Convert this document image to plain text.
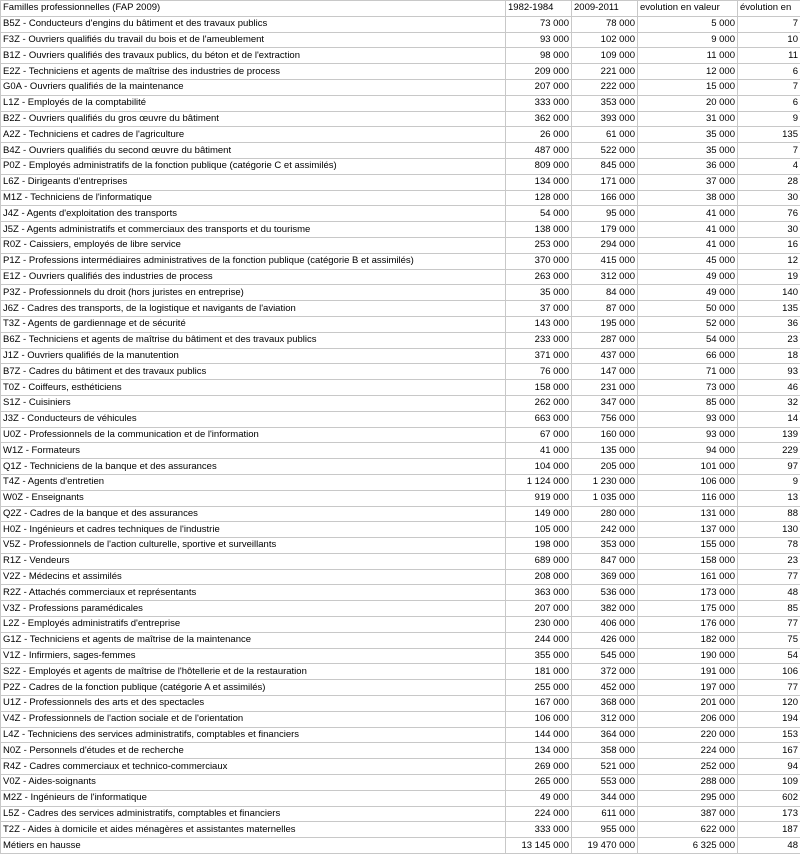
Familles professionnelles (FAP 2009)	1982-1984	2009-2011	evolution en valeur	évolution en
B5Z - Conducteurs d'engins du bâtiment et des travaux publics	73 000	78 000	5 000	7
F3Z - Ouvriers qualifiés du travail du bois et de l'ameublement	93 000	102 000	9 000	10
B1Z - Ouvriers qualifiés des travaux publics, du béton et de l'extraction	98 000	109 000	11 000	11
E2Z - Techniciens et agents de maîtrise des industries de process	209 000	221 000	12 000	6
G0A - Ouvriers qualifiés de la maintenance	207 000	222 000	15 000	7
L1Z - Employés de la comptabilité	333 000	353 000	20 000	6
B2Z - Ouvriers qualifiés du gros œuvre du bâtiment	362 000	393 000	31 000	9
A2Z - Techniciens et cadres de l'agriculture	26 000	61 000	35 000	135
B4Z - Ouvriers qualifiés du second œuvre du bâtiment	487 000	522 000	35 000	7
P0Z - Employés administratifs de la fonction publique (catégorie C et assimilés)	809 000	845 000	36 000	4
L6Z - Dirigeants d'entreprises	134 000	171 000	37 000	28
M1Z - Techniciens de l'informatique	128 000	166 000	38 000	30
J4Z - Agents d'exploitation des transports	54 000	95 000	41 000	76
J5Z - Agents administratifs et commerciaux des transports et du tourisme	138 000	179 000	41 000	30
R0Z - Caissiers, employés de libre service	253 000	294 000	41 000	16
P1Z - Professions intermédiaires administratives de la fonction publique (catégorie B et assimilés)	370 000	415 000	45 000	12
E1Z - Ouvriers qualifiés des industries de process	263 000	312 000	49 000	19
P3Z - Professionnels du droit (hors juristes en entreprise)	35 000	84 000	49 000	140
J6Z - Cadres des transports, de la logistique et navigants de l'aviation	37 000	87 000	50 000	135
T3Z - Agents de gardiennage et de sécurité	143 000	195 000	52 000	36
B6Z - Techniciens et agents de maîtrise du bâtiment et des travaux publics	233 000	287 000	54 000	23
J1Z - Ouvriers qualifiés de la manutention	371 000	437 000	66 000	18
B7Z - Cadres du bâtiment et des travaux publics	76 000	147 000	71 000	93
T0Z - Coiffeurs, esthéticiens	158 000	231 000	73 000	46
S1Z - Cuisiniers	262 000	347 000	85 000	32
J3Z - Conducteurs de véhicules	663 000	756 000	93 000	14
U0Z - Professionnels de la communication et de l'information	67 000	160 000	93 000	139
W1Z - Formateurs	41 000	135 000	94 000	229
Q1Z - Techniciens de la banque et des assurances	104 000	205 000	101 000	97
T4Z - Agents d'entretien	1 124 000	1 230 000	106 000	9
W0Z - Enseignants	919 000	1 035 000	116 000	13
Q2Z - Cadres de la banque et des assurances	149 000	280 000	131 000	88
H0Z - Ingénieurs et cadres techniques de l'industrie	105 000	242 000	137 000	130
V5Z - Professionnels de l'action culturelle, sportive et surveillants	198 000	353 000	155 000	78
R1Z - Vendeurs	689 000	847 000	158 000	23
V2Z - Médecins et assimilés	208 000	369 000	161 000	77
R2Z - Attachés commerciaux et représentants	363 000	536 000	173 000	48
V3Z - Professions paramédicales	207 000	382 000	175 000	85
L2Z - Employés administratifs d'entreprise	230 000	406 000	176 000	77
G1Z - Techniciens et agents de maîtrise de la maintenance	244 000	426 000	182 000	75
V1Z - Infirmiers, sages-femmes	355 000	545 000	190 000	54
S2Z - Employés et agents de maîtrise de l'hôtellerie et de la restauration	181 000	372 000	191 000	106
P2Z - Cadres de la fonction publique (catégorie A et assimilés)	255 000	452 000	197 000	77
U1Z - Professionnels des arts et des spectacles	167 000	368 000	201 000	120
V4Z - Professionnels de l'action sociale et de l'orientation	106 000	312 000	206 000	194
L4Z - Techniciens des services administratifs, comptables et financiers	144 000	364 000	220 000	153
N0Z - Personnels d'études et de recherche	134 000	358 000	224 000	167
R4Z - Cadres commerciaux et technico-commerciaux	269 000	521 000	252 000	94
V0Z - Aides-soignants	265 000	553 000	288 000	109
M2Z - Ingénieurs de l'informatique	49 000	344 000	295 000	602
L5Z - Cadres des services administratifs, comptables et financiers	224 000	611 000	387 000	173
T2Z - Aides à domicile et aides ménagères et assistantes maternelles	333 000	955 000	622 000	187
Métiers en hausse	13 145 000	19 470 000	6 325 000	48
